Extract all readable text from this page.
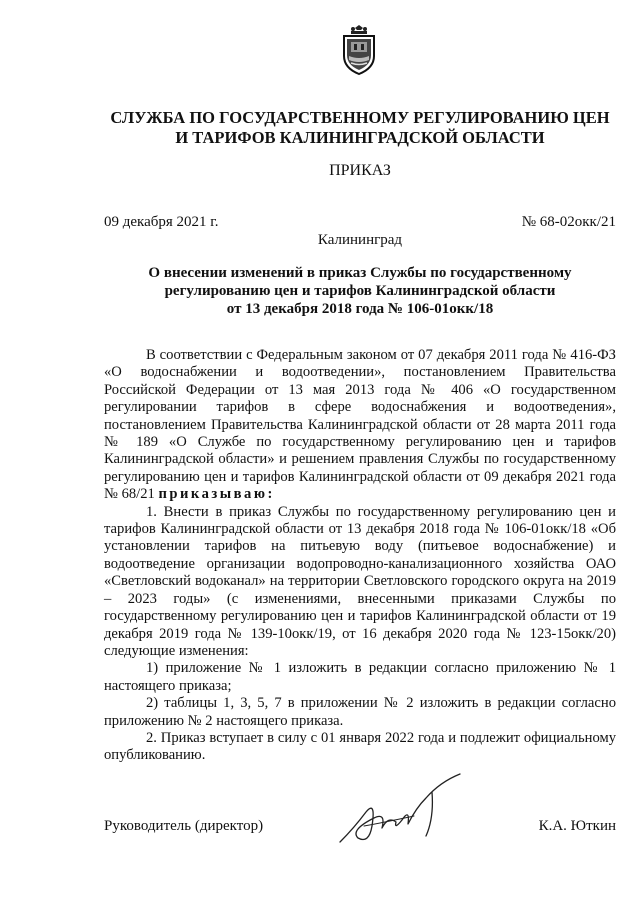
СЛУЖБА ПО ГОСУДАРСТВЕННОМУ РЕГУЛИРОВАНИЮ ЦЕН
И ТАРИФОВ КАЛИНИНГРАДСКОЙ ОБЛАСТИ
ПРИКАЗ
09 декабря 2021 г.	№ 68-02окк/21
Калининград
О внесении изменений в приказ Службы по государственному
регулированию цен и тарифов Калининградской области
от 13 декабря 2018 года № 106-01окк/18

В соответствии с Федеральным законом от 07 декабря 2011 года № 416-ФЗ «О водоснабжении и водоотведении», постановлением Правительства Российской Федерации от 13 мая 2013 года № 406 «О государственном регулировании тарифов в сфере водоснабжения и водоотведения», постановлением Правительства Калининградской области от 28 марта 2011 года № 189 «О Службе по государственному регулированию цен и тарифов Калининградской области» и решением правления Службы по государственному регулированию цен и тарифов Калининградской области от 09 декабря 2021 года № 68/21 приказываю:

1. Внести в приказ Службы по государственному регулированию цен и тарифов Калининградской области от 13 декабря 2018 года № 106-01окк/18 «Об установлении тарифов на питьевую воду (питьевое водоснабжение) и водоотведение организации водопроводно-канализационного хозяйства ОАО «Светловский водоканал» на территории Светловского городского округа на 2019 – 2023 годы» (с изменениями, внесенными приказами Службы по государственному регулированию цен и тарифов Калининградской области от 19 декабря 2019 года № 139-10окк/19, от 16 декабря 2020 года № 123-15окк/20) следующие изменения:

1) приложение № 1 изложить в редакции согласно приложению № 1 настоящего приказа;

2) таблицы 1, 3, 5, 7 в приложении № 2 изложить в редакции согласно приложению № 2 настоящего приказа.

2. Приказ вступает в силу с 01 января 2022 года и подлежит официальному опубликованию.

Руководитель (директор)	К.А. Юткин
